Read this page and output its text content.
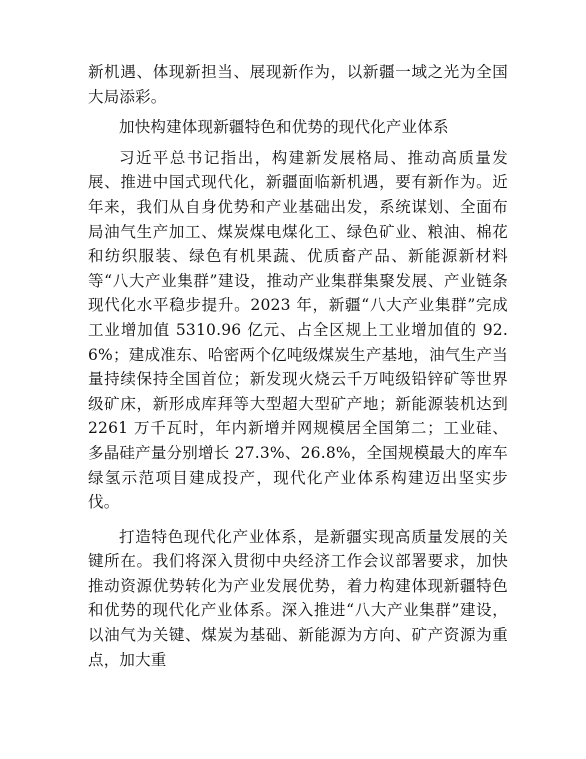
新机遇、体现新担当、展现新作为，以新疆一域之光为全国大局添彩。

加快构建体现新疆特色和优势的现代化产业体系

习近平总书记指出，构建新发展格局、推动高质量发展、推进中国式现代化，新疆面临新机遇，要有新作为。近年来，我们从自身优势和产业基础出发，系统谋划、全面布局油气生产加工、煤炭煤电煤化工、绿色矿业、粮油、棉花和纺织服装、绿色有机果蔬、优质畜产品、新能源新材料等“八大产业集群”建设，推动产业集群集聚发展、产业链条现代化水平稳步提升。2023 年，新疆“八大产业集群”完成工业增加值 5310.96 亿元、占全区规上工业增加值的 92.6%；建成准东、哈密两个亿吨级煤炭生产基地，油气生产当量持续保持全国首位；新发现火烧云千万吨级铅锌矿等世界级矿床，新形成库拜等大型超大型矿产地；新能源装机达到 2261 万千瓦时，年内新增并网规模居全国第二；工业硅、多晶硅产量分别增长 27.3%、26.8%，全国规模最大的库车绿氢示范项目建成投产，现代化产业体系构建迈出坚实步伐。

打造特色现代化产业体系，是新疆实现高质量发展的关键所在。我们将深入贯彻中央经济工作会议部署要求，加快推动资源优势转化为产业发展优势，着力构建体现新疆特色和优势的现代化产业体系。深入推进“八大产业集群”建设，以油气为关键、煤炭为基础、新能源为方向、矿产资源为重点，加大重
